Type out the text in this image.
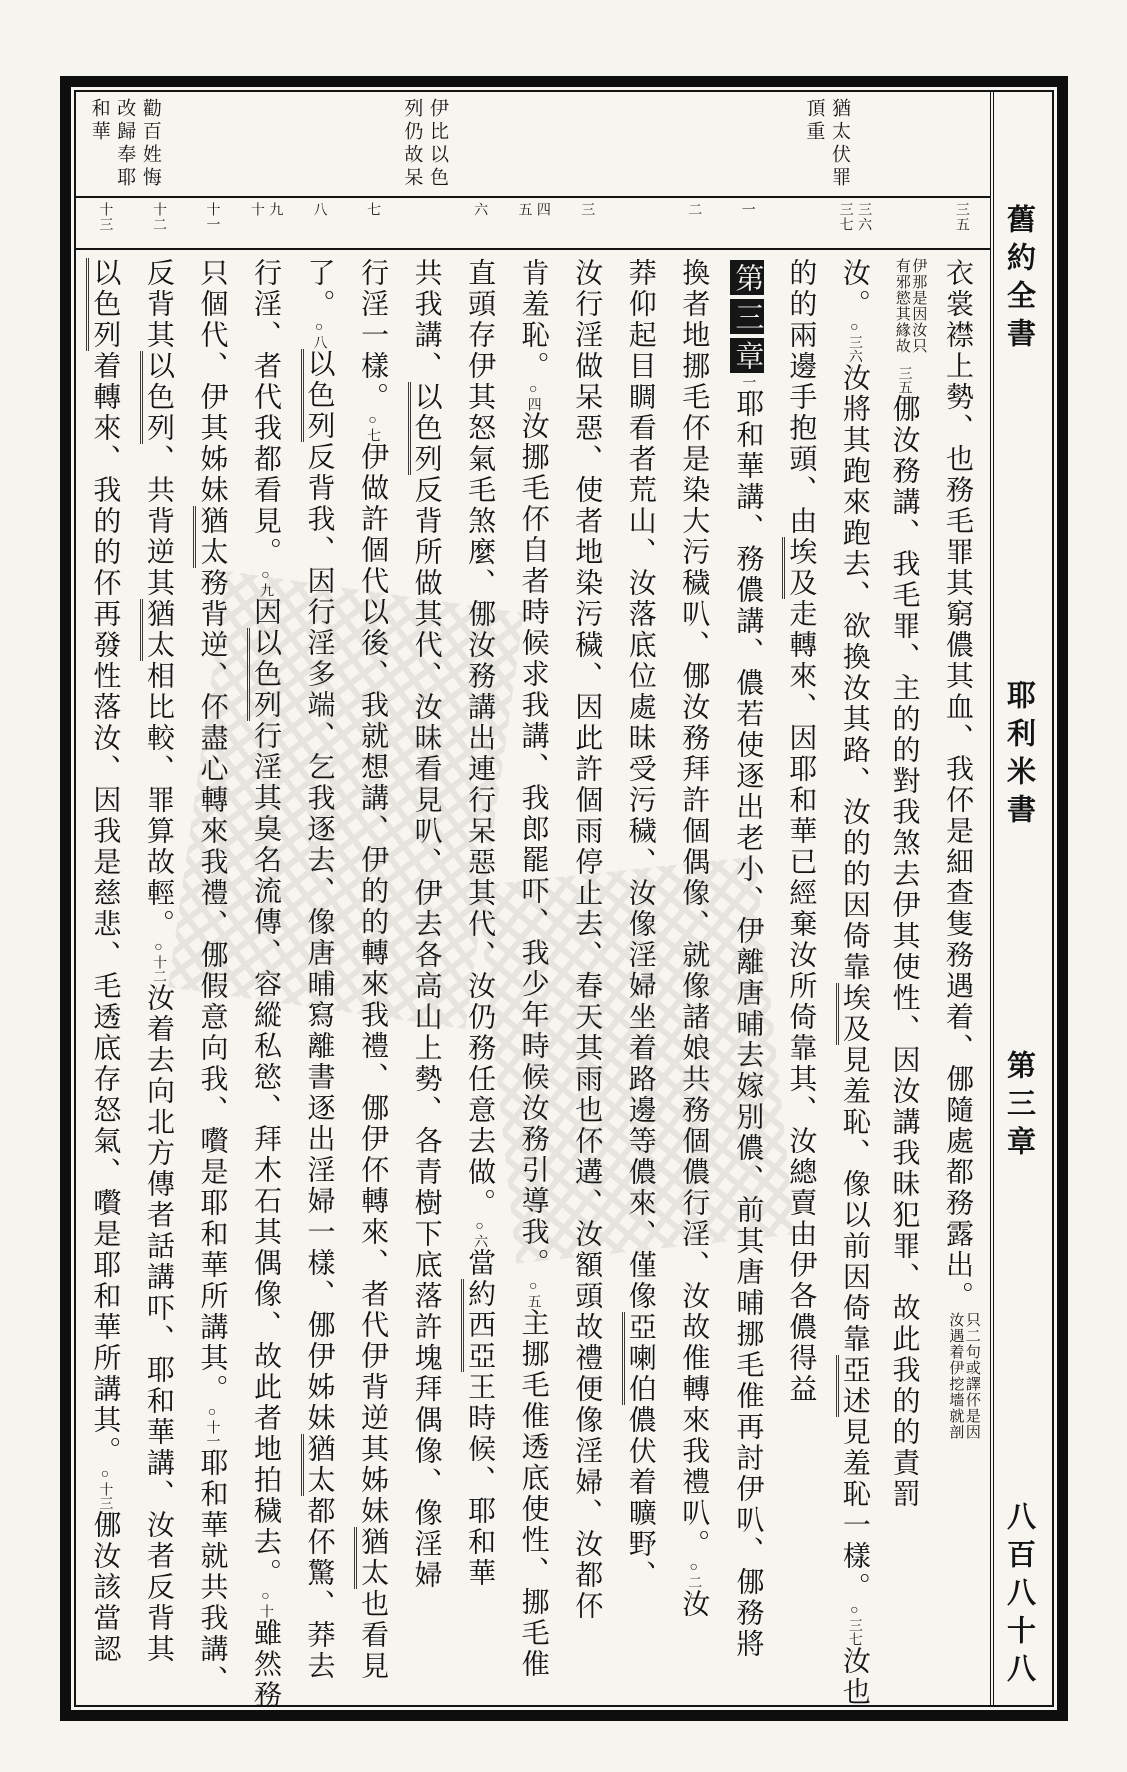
猶太伏罪
頂重
伊比以色
列仍故呆
勸百姓悔
改歸奉耶
和華
三五
三六
三七
一
二
三
四
五
六
七
八
九
十
十一
十二
十三
衣裳襟上勢、也務毛罪其窮儂其血、我伓是細查隻務遇着、㑚隨處都務露出。只二句或譯伓是因汝遇着伊挖墻就剖
伊那是因汝只有邪慾其緣故三五㑚汝務講、我毛罪、主的的對我煞去伊其使性、因汝講我昧犯罪、故此我的的責罰
汝。○三六汝將其跑來跑去、欲換汝其路、汝的的因倚靠埃及見羞恥、像以前因倚靠亞述見羞恥一樣。○三七汝也
的的兩邊手抱頭、由埃及走轉來、因耶和華已經棄汝所倚靠其、汝總賣由伊各儂得益
第三章一耶和華講、務儂講、儂若使逐出老小、伊離唐晡去嫁別儂、前其唐晡挪毛倠再討伊叭、㑚務將
換者地挪毛伓是染大污穢叭、㑚汝務拜許個偶像、就像諸娘共務個儂行淫、汝故倠轉來我禮叭。○二汝
莽仰起目睭看者荒山、汝落底位處昧受污穢、汝像淫婦坐着路邊等儂來、僅像亞喇伯儂伏着曠野、
汝行淫做呆惡、使者地染污穢、因此許個雨停止去、春天其雨也伓遘、汝額頭故禮便像淫婦、汝都伓
肯羞恥。○四汝挪毛伓自者時候求我講、我郎罷吓、我少年時候汝務引導我。○五主挪毛倠透底使性、挪毛倠
直頭存伊其怒氣毛煞麼、㑚汝務講出連行呆惡其代、汝仍務任意去做。○六當約西亞王時候、耶和華
共我講、以色列反背所做其代、汝昧看見叭、伊去各高山上勢、各青樹下底落許塊拜偶像、像淫婦
行淫一樣。○七伊做許個代以後、我就想講、伊的的轉來我禮、㑚伊伓轉來、者代伊背逆其姊妹猶太也看見
了。○八以色列反背我、因行淫多端、乞我逐去、像唐晡寫離書逐出淫婦一樣、㑚伊姊妹猶太都伓驚、莽去
行淫、者代我都看見。○九因以色列行淫其臭名流傳、容縱私慾、拜木石其偶像、故此者地拍穢去。○十雖然務
只個代、伊其姊妹猶太務背逆、伓盡心轉來我禮、㑚假意向我、嚽是耶和華所講其。○十一耶和華就共我講、
反背其以色列、共背逆其猶太相比較、罪算故輕。○十二汝着去向北方傳者話講吓、耶和華講、汝者反背其
以色列着轉來、我的的伓再發性落汝、因我是慈悲、毛透底存怒氣、嚽是耶和華所講其。○十三㑚汝該當認
舊約全書
耶利米書
第三章
八百八十八
